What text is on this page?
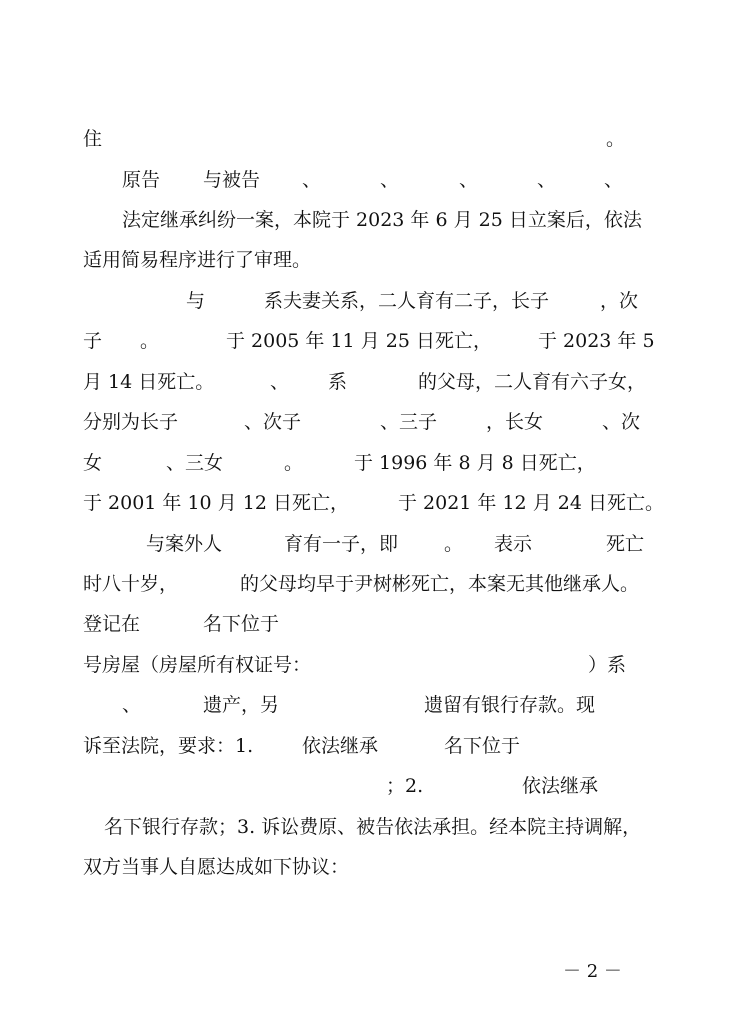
住	。
原告 与被告 、	、	、	、	、
法定继承纠纷一案，本院于 2023 年 6 月 25 日立案后，依法
适用简易程序进行了审理。
与	系夫妻关系，二人育有二子，长子	，次
子 。	于 2005 年 11 月 25 日死亡， 于 2023 年 5
月 14 日死亡。	、 系	的父母，二人育有六子女，
分别为长子	、次子	、三子	，长女	、次
女	、三女	。	于 1996 年 8 月 8 日死亡，
于 2001 年 10 月 12 日死亡，	于 2021 年 12 月 24 日死亡。
与案外人	育有一子，即 。 表示	死亡
时八十岁，	的父母均早于尹树彬死亡，本案无其他继承人。
登记在	名下位于
号房屋（房屋所有权证号：	）系
、	遗产，另	遗留有银行存款。现
诉至法院，要求：1.	依法继承	名下位于
；2.	依法继承
名下银行存款；3. 诉讼费原、被告依法承担。经本院主持调解，
双方当事人自愿达成如下协议：
－ 2 －
